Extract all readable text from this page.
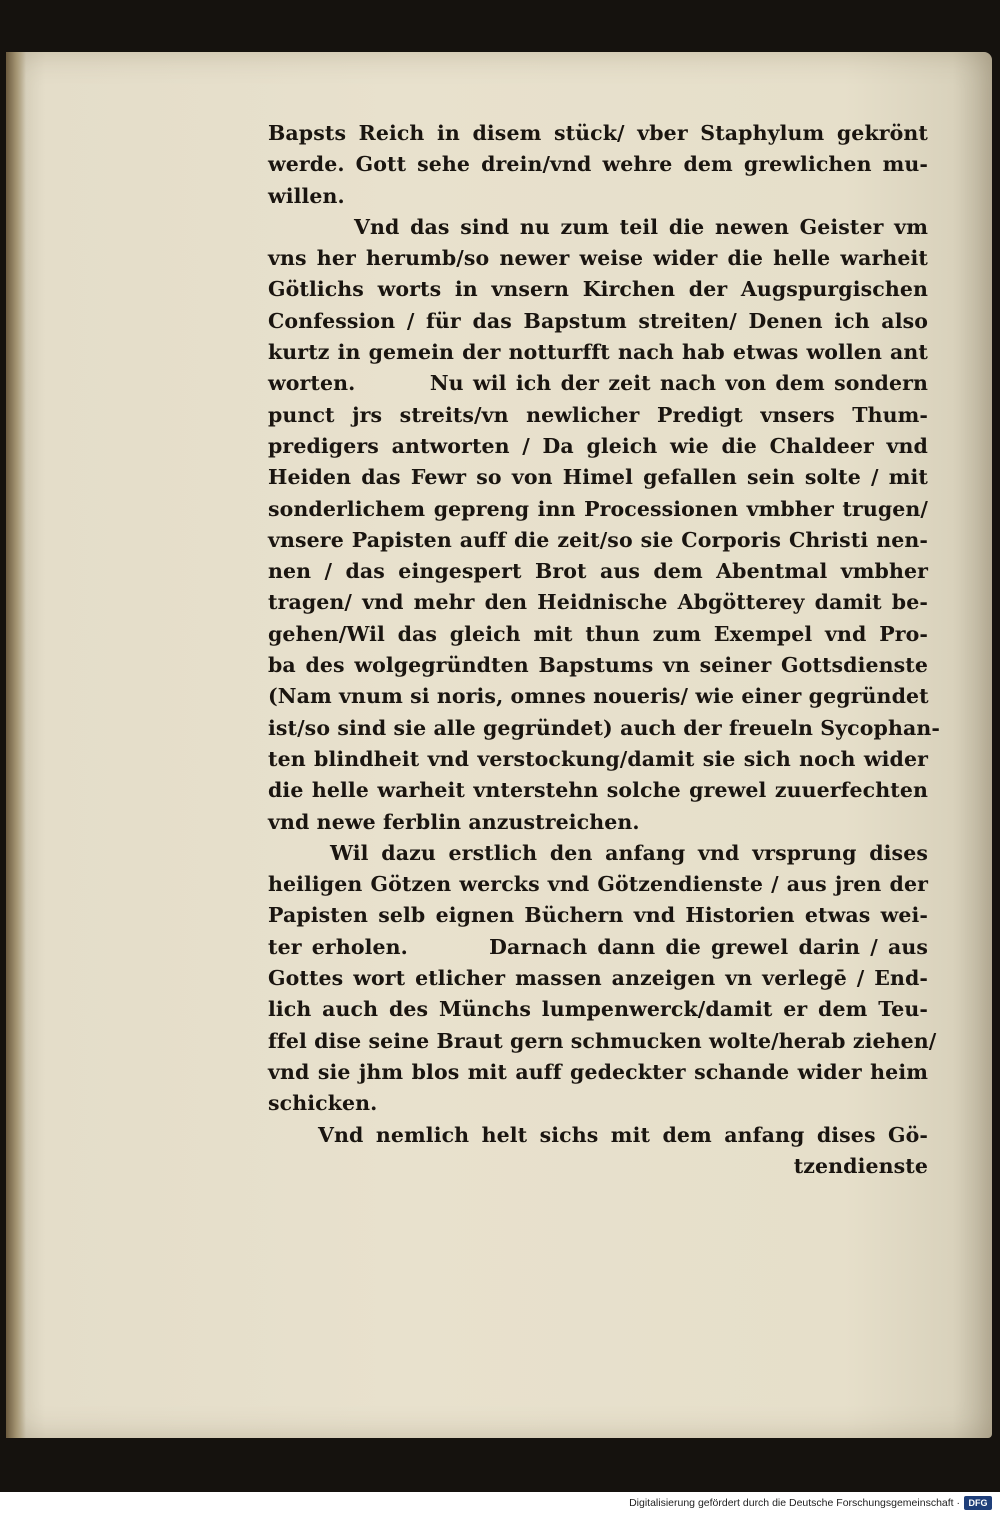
Bapsts Reich in disem stück/ vber Staphylum gekrönt
werde. Gott sehe drein/vnd wehre dem grewlichen mu-
willen.
Vnd das sind nu zum teil die newen Geister vm
vns her herumb/so newer weise wider die helle warheit
Götlichs worts in vnsern Kirchen der Augspurgischen
Confession / für das Bapstum streiten/ Denen ich also
kurtz in gemein der notturfft nach hab etwas wollen ant
worten.        Nu wil ich der zeit nach von dem sondern
punct jrs streits/vn newlicher Predigt vnsers Thum-
predigers antworten / Da gleich wie die Chaldeer vnd
Heiden das Fewr so von Himel gefallen sein solte / mit
sonderlichem gepreng inn Processionen vmbher trugen/
vnsere Papisten auff die zeit/so sie Corporis Christi nen-
nen / das eingespert Brot aus dem Abentmal vmbher
tragen/ vnd mehr den Heidnische Abgötterey damit be-
gehen/Wil das gleich mit thun zum Exempel vnd Pro-
ba des wolgegründten Bapstums vn seiner Gottsdienste
(Nam vnum si noris, omnes noueris/ wie einer gegründet
ist/so sind sie alle gegründet) auch der freueln Sycophan-
ten blindheit vnd verstockung/damit sie sich noch wider
die helle warheit vnterstehn solche grewel zuuerfechten
vnd newe ferblin anzustreichen.
Wil dazu erstlich den anfang vnd vrsprung dises
heiligen Götzen wercks vnd Götzendienste / aus jren der
Papisten selb eignen Büchern vnd Historien etwas wei-
ter erholen.        Darnach dann die grewel darin / aus
Gottes wort etlicher massen anzeigen vn verlegē / End-
lich auch des Münchs lumpenwerck/damit er dem Teu-
ffel dise seine Braut gern schmucken wolte/herab ziehen/
vnd sie jhm blos mit auff gedeckter schande wider heim
schicken.
Vnd nemlich helt sichs mit dem anfang dises Gö-
tzendienste
Digitalisierung gefördert durch die Deutsche Forschungsgemeinschaft · DFG
